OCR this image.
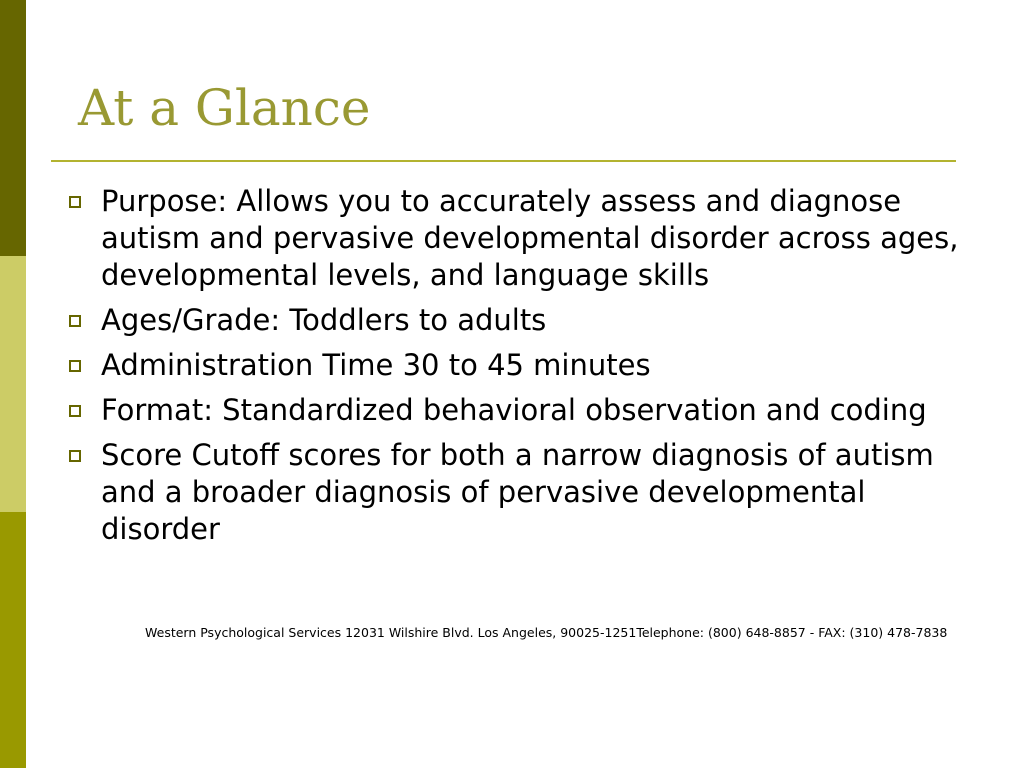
At a Glance
Purpose: Allows you to accurately assess and diagnose autism and pervasive developmental disorder across ages, developmental levels, and language skills
Ages/Grade: Toddlers to adults
Administration Time 30 to 45 minutes
Format: Standardized behavioral observation and coding
Score Cutoff scores for both a narrow diagnosis of autism and a broader diagnosis of pervasive developmental disorder

Western Psychological Services 12031 Wilshire Blvd. Los Angeles, 90025-1251Telephone: (800) 648-8857 - FAX: (310) 478-7838
